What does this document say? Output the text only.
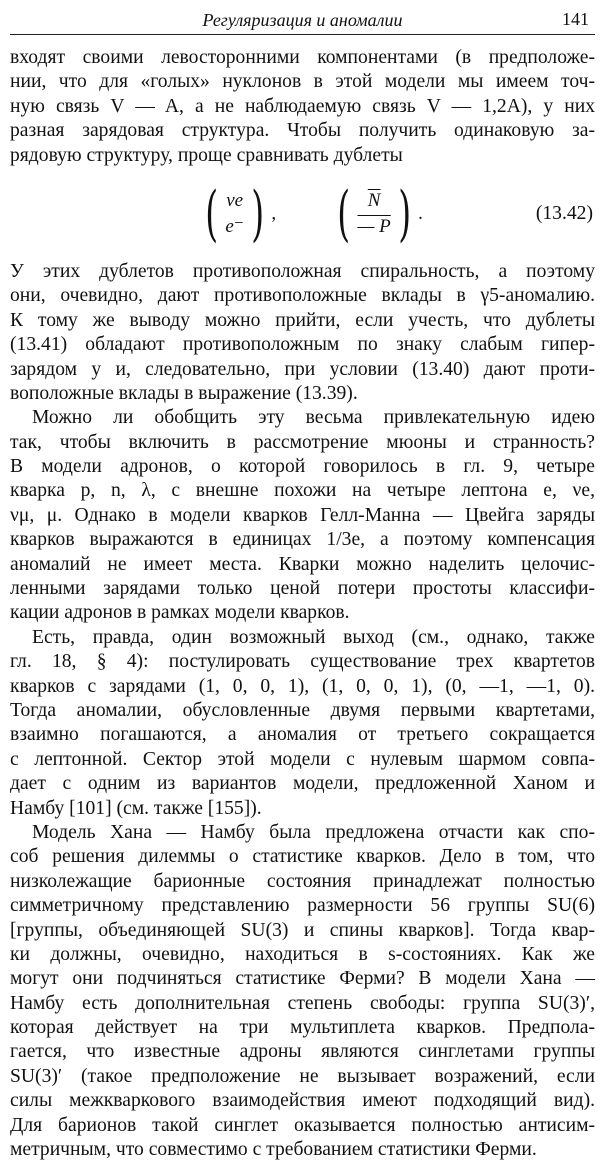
Регуляризация и аномалии	141
входят своими левосторонними компонентами (в предположе-
нии, что для «голых» нуклонов в этой модели мы имеем точ-
ную связь V — A, а не наблюдаемую связь V — 1,2A), у них
разная зарядовая структура. Чтобы получить одинаковую за-
рядовую структуру, проще сравнивать дублеты
( νe
e⁻ ) , ( $\overline{N}$
— P ) .	(13.42)
У этих дублетов противоположная спиральность, а поэтому
они, очевидно, дают противоположные вклады в γ5-аномалию.
К тому же выводу можно прийти, если учесть, что дублеты
(13.41) обладают противоположным по знаку слабым гипер-
зарядом y и, следовательно, при условии (13.40) дают проти-
воположные вклады в выражение (13.39).
Можно ли обобщить эту весьма привлекательную идею
так, чтобы включить в рассмотрение мюоны и странность?
В модели адронов, о которой говорилось в гл. 9, четыре
кварка p, n, λ, c внешне похожи на четыре лептона e, νe,
νμ, μ. Однако в модели кварков Гелл-Манна — Цвейга заряды
кварков выражаются в единицах 1/3e, а поэтому компенсация
аномалий не имеет места. Кварки можно наделить целочис-
ленными зарядами только ценой потери простоты классифи-
кации адронов в рамках модели кварков.
Есть, правда, один возможный выход (см., однако, также
гл. 18, § 4): постулировать существование трех квартетов
кварков с зарядами (1, 0, 0, 1), (1, 0, 0, 1), (0, —1, —1, 0).
Тогда аномалии, обусловленные двумя первыми квартетами,
взаимно погашаются, а аномалия от третьего сокращается
с лептонной. Сектор этой модели с нулевым шармом совпа-
дает с одним из вариантов модели, предложенной Ханом и
Намбу [101] (см. также [155]).
Модель Хана — Намбу была предложена отчасти как спо-
соб решения дилеммы о статистике кварков. Дело в том, что
низколежащие барионные состояния принадлежат полностью
симметричному представлению размерности 56 группы SU(6)
[группы, объединяющей SU(3) и спины кварков]. Тогда квар-
ки должны, очевидно, находиться в s-состояниях. Как же
могут они подчиняться статистике Ферми? В модели Хана —
Намбу есть дополнительная степень свободы: группа SU(3)′,
которая действует на три мультиплета кварков. Предпола-
гается, что известные адроны являются синглетами группы
SU(3)′ (такое предположение не вызывает возражений, если
силы межкваркового взаимодействия имеют подходящий вид).
Для барионов такой синглет оказывается полностью антисим-
метричным, что совместимо с требованием статистики Ферми.
